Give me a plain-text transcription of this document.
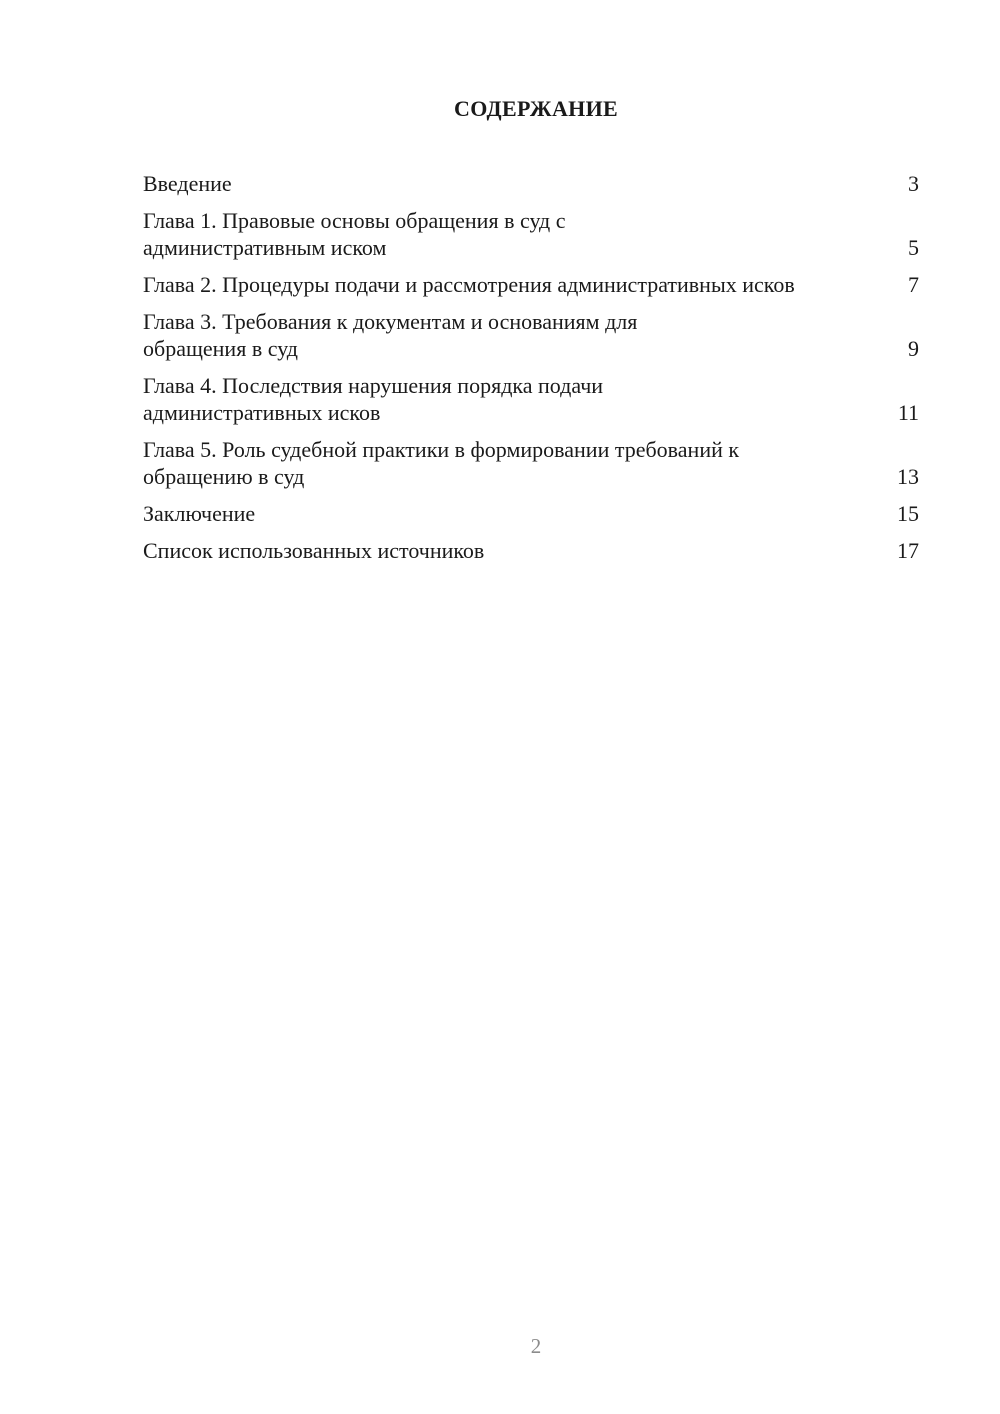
СОДЕРЖАНИЕ
Введение	3
Глава 1. Правовые основы обращения в суд с административным иском	5
Глава 2. Процедуры подачи и рассмотрения административных исков	7
Глава 3. Требования к документам и основаниям для обращения в суд	9
Глава 4. Последствия нарушения порядка подачи административных исков	11
Глава 5. Роль судебной практики в формировании требований к обращению в суд	13
Заключение	15
Список использованных источников	17
2
